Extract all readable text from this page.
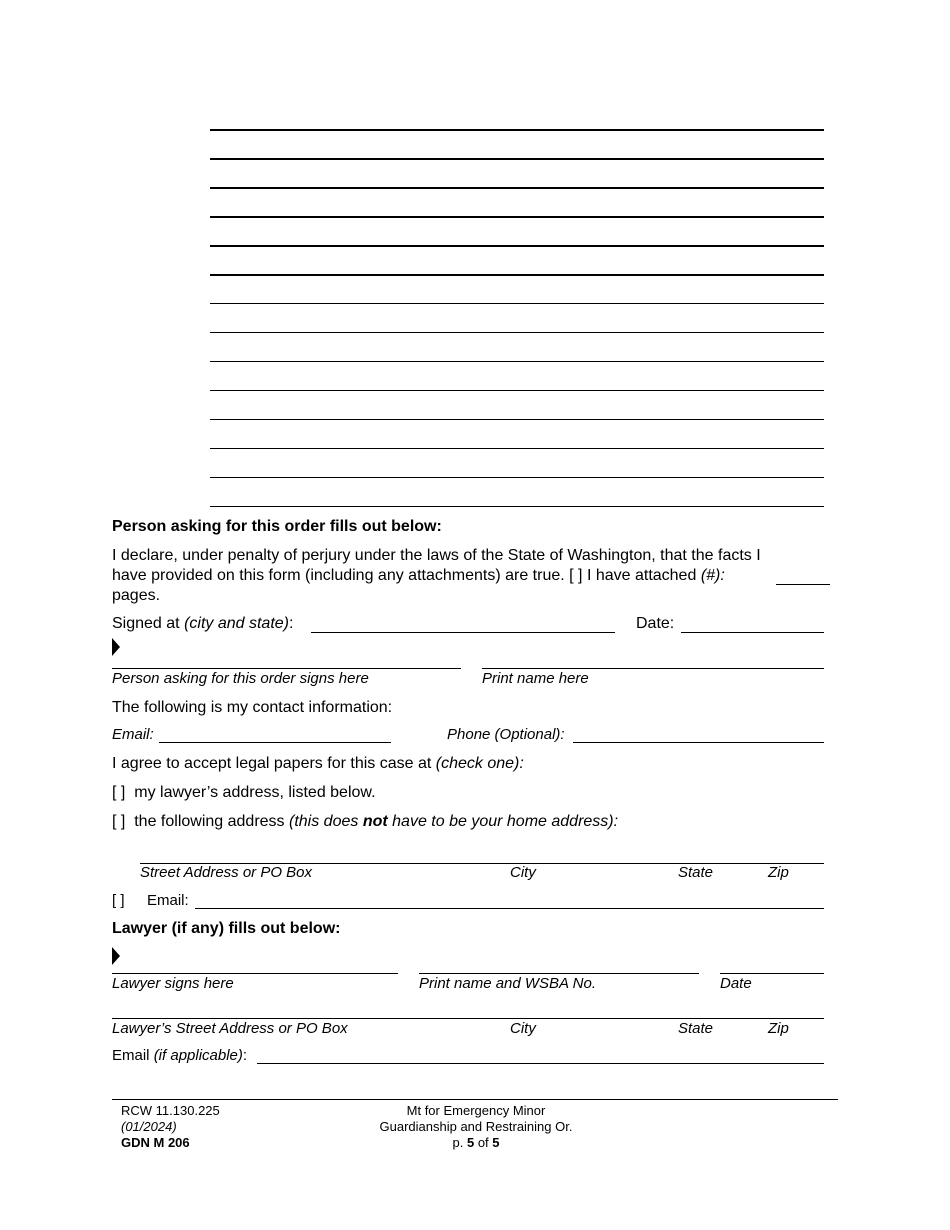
Person asking for this order fills out below:
I declare, under penalty of perjury under the laws of the State of Washington, that the facts I
have provided on this form (including any attachments) are true. [ ] I have attached (#):
pages.
Signed at (city and state):	Date:
Person asking for this order signs here	Print name here
The following is my contact information:
Email:	Phone (Optional):
I agree to accept legal papers for this case at (check one):
[ ] my lawyer’s address, listed below.
[ ] the following address (this does not have to be your home address):
Street Address or PO Box	City	State	Zip
[ ] Email:
Lawyer (if any) fills out below:
Lawyer signs here	Print name and WSBA No.	Date
Lawyer’s Street Address or PO Box	City	State	Zip
Email (if applicable):
RCW 11.130.225
(01/2024)
GDN M 206
Mt for Emergency Minor
Guardianship and Restraining Or.
p. 5 of 5
